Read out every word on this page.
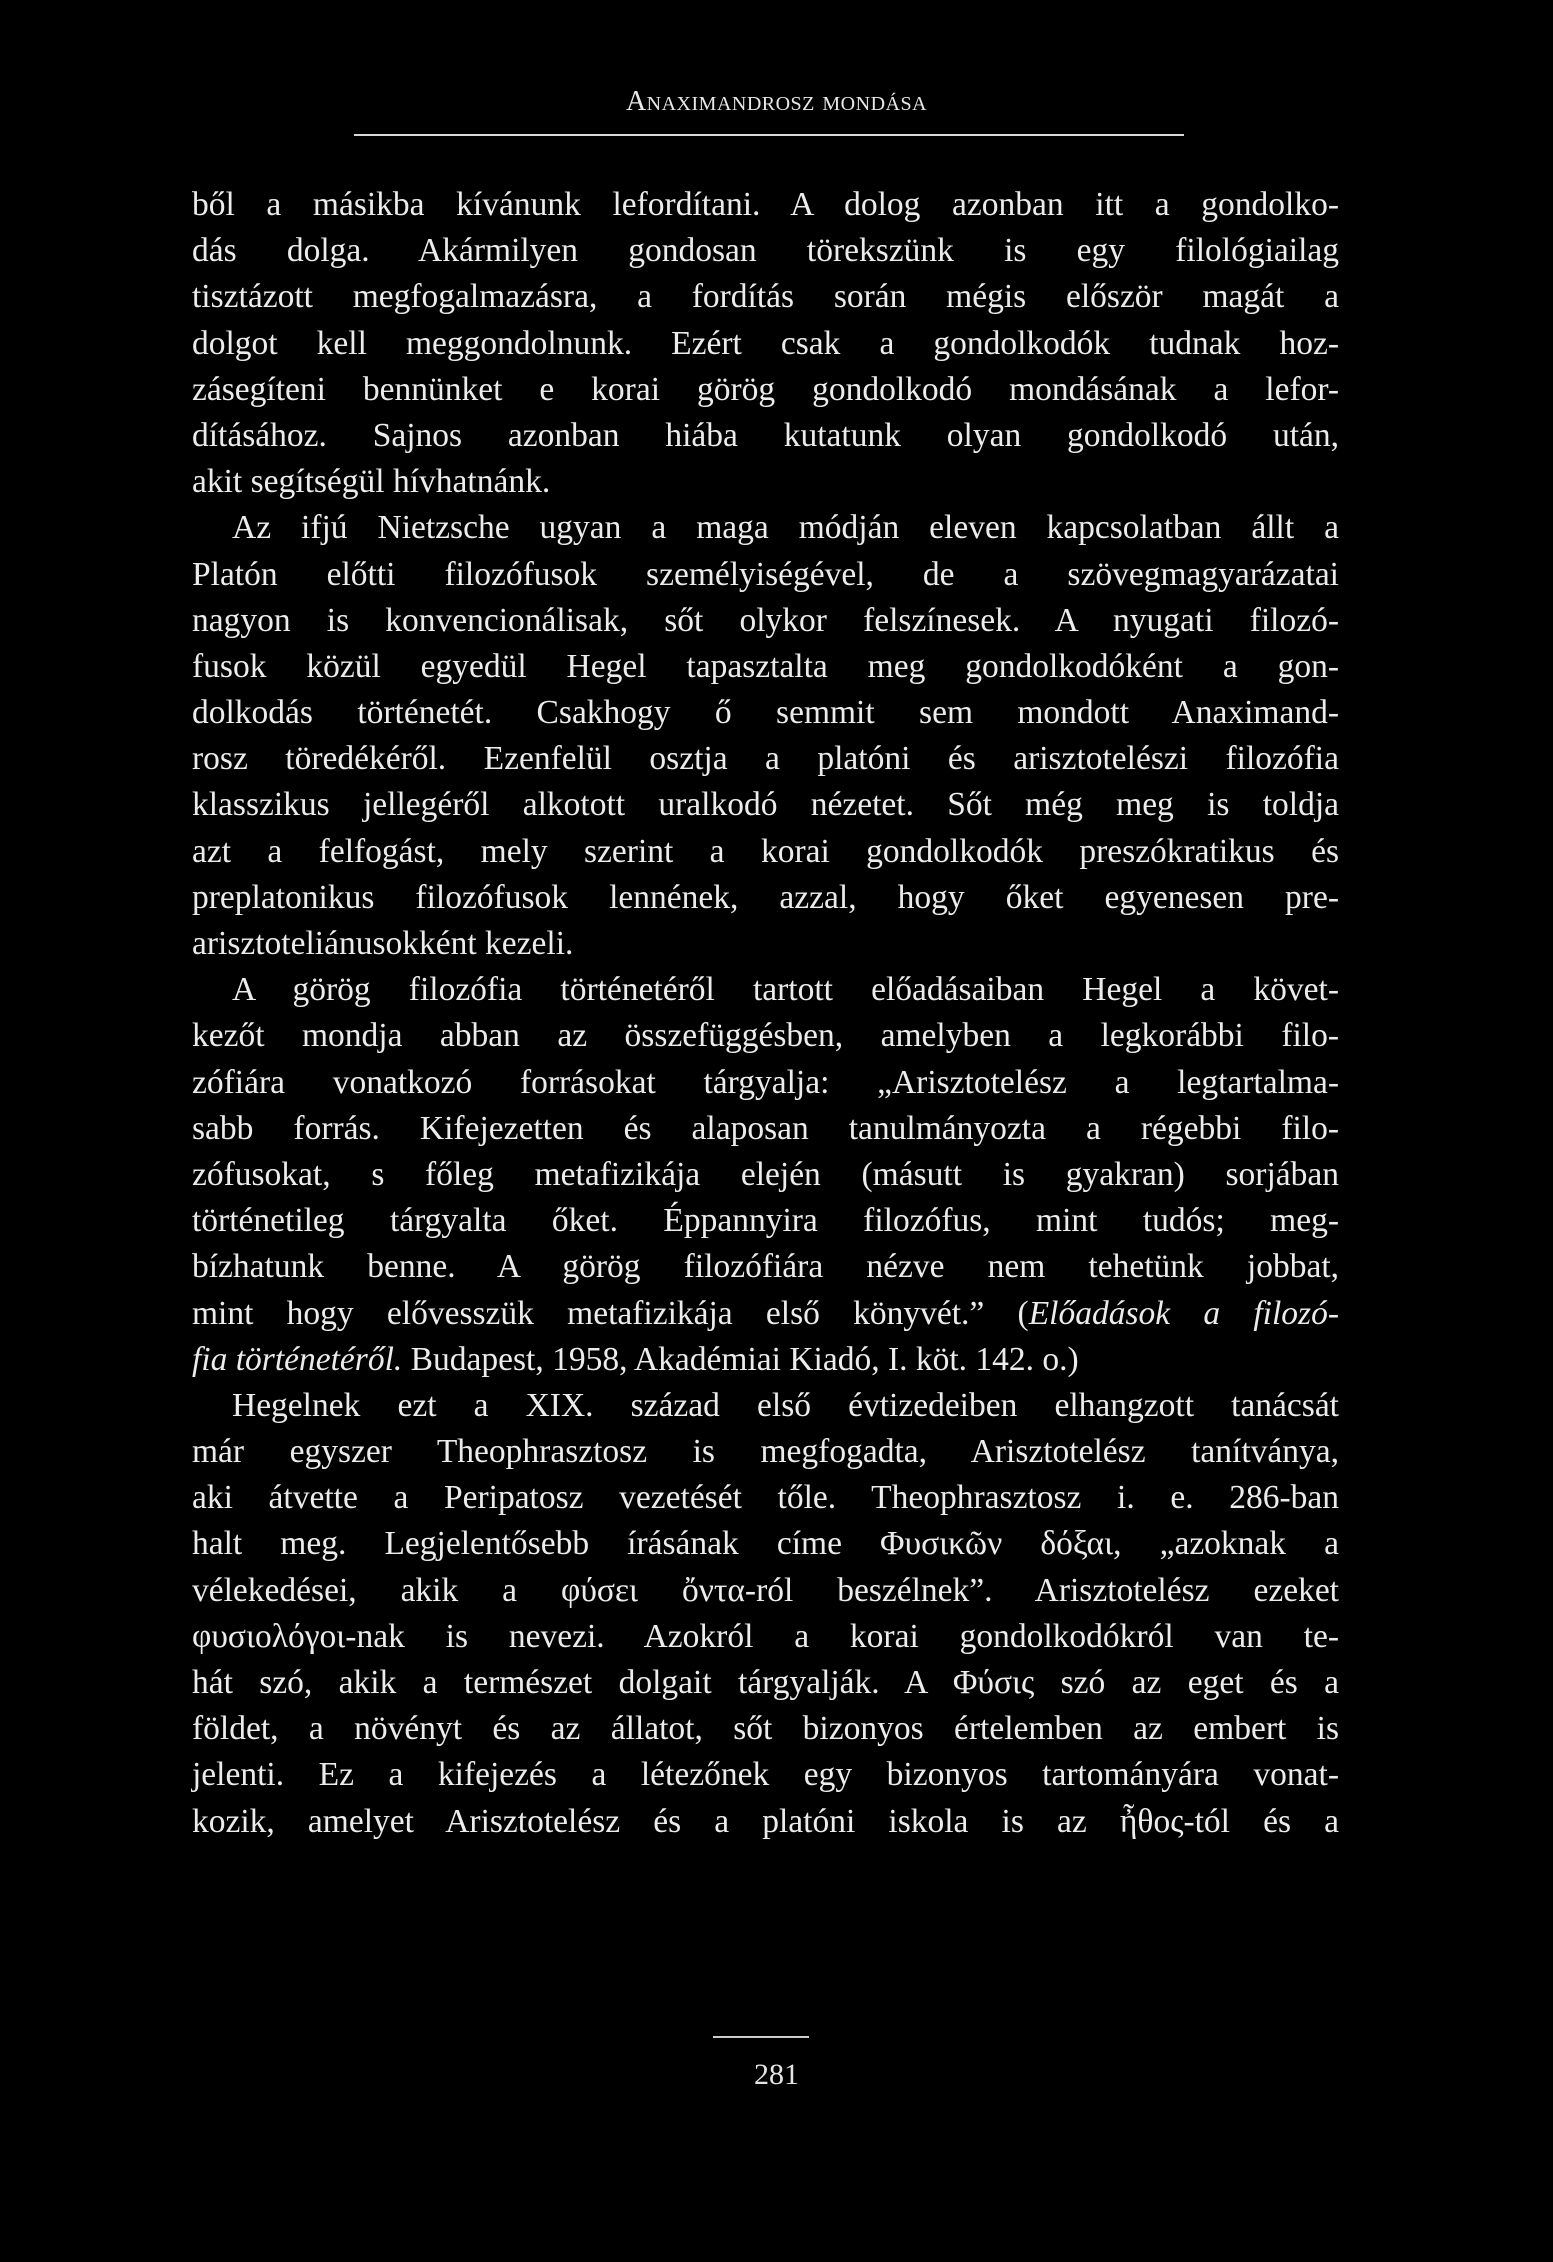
Anaximandrosz mondása
ből a másikba kívánunk lefordítani. A dolog azonban itt a gondolko-
dás dolga. Akármilyen gondosan törekszünk is egy filológiailag
tisztázott megfogalmazásra, a fordítás során mégis először magát a
dolgot kell meggondolnunk. Ezért csak a gondolkodók tudnak hoz-
zásegíteni bennünket e korai görög gondolkodó mondásának a lefor-
dításához. Sajnos azonban hiába kutatunk olyan gondolkodó után,
akit segítségül hívhatnánk.
Az ifjú Nietzsche ugyan a maga módján eleven kapcsolatban állt a
Platón előtti filozófusok személyiségével, de a szövegmagyarázatai
nagyon is konvencionálisak, sőt olykor felszínesek. A nyugati filozó-
fusok közül egyedül Hegel tapasztalta meg gondolkodóként a gon-
dolkodás történetét. Csakhogy ő semmit sem mondott Anaximand-
rosz töredékéről. Ezenfelül osztja a platóni és arisztotelészi filozófia
klasszikus jellegéről alkotott uralkodó nézetet. Sőt még meg is toldja
azt a felfogást, mely szerint a korai gondolkodók preszókratikus és
preplatonikus filozófusok lennének, azzal, hogy őket egyenesen pre-
arisztoteliánusokként kezeli.
A görög filozófia történetéről tartott előadásaiban Hegel a követ-
kezőt mondja abban az összefüggésben, amelyben a legkorábbi filo-
zófiára vonatkozó forrásokat tárgyalja: „Arisztotelész a legtartalma-
sabb forrás. Kifejezetten és alaposan tanulmányozta a régebbi filo-
zófusokat, s főleg metafizikája elején (másutt is gyakran) sorjában
történetileg tárgyalta őket. Éppannyira filozófus, mint tudós; meg-
bízhatunk benne. A görög filozófiára nézve nem tehetünk jobbat,
mint hogy elővesszük metafizikája első könyvét.” (Előadások a filozó-
fia történetéről. Budapest, 1958, Akadémiai Kiadó, I. köt. 142. o.)
Hegelnek ezt a XIX. század első évtizedeiben elhangzott tanácsát
már egyszer Theophrasztosz is megfogadta, Arisztotelész tanítványa,
aki átvette a Peripatosz vezetését tőle. Theophrasztosz i. e. 286-ban
halt meg. Legjelentősebb írásának címe Φυσικῶν δόξαι, „azoknak a
vélekedései, akik a φύσει ὄντα-ról beszélnek”. Arisztotelész ezeket
φυσιολόγοι-nak is nevezi. Azokról a korai gondolkodókról van te-
hát szó, akik a természet dolgait tárgyalják. A Φύσις szó az eget és a
földet, a növényt és az állatot, sőt bizonyos értelemben az embert is
jelenti. Ez a kifejezés a létezőnek egy bizonyos tartományára vonat-
kozik, amelyet Arisztotelész és a platóni iskola is az ἦθος-tól és a
281
